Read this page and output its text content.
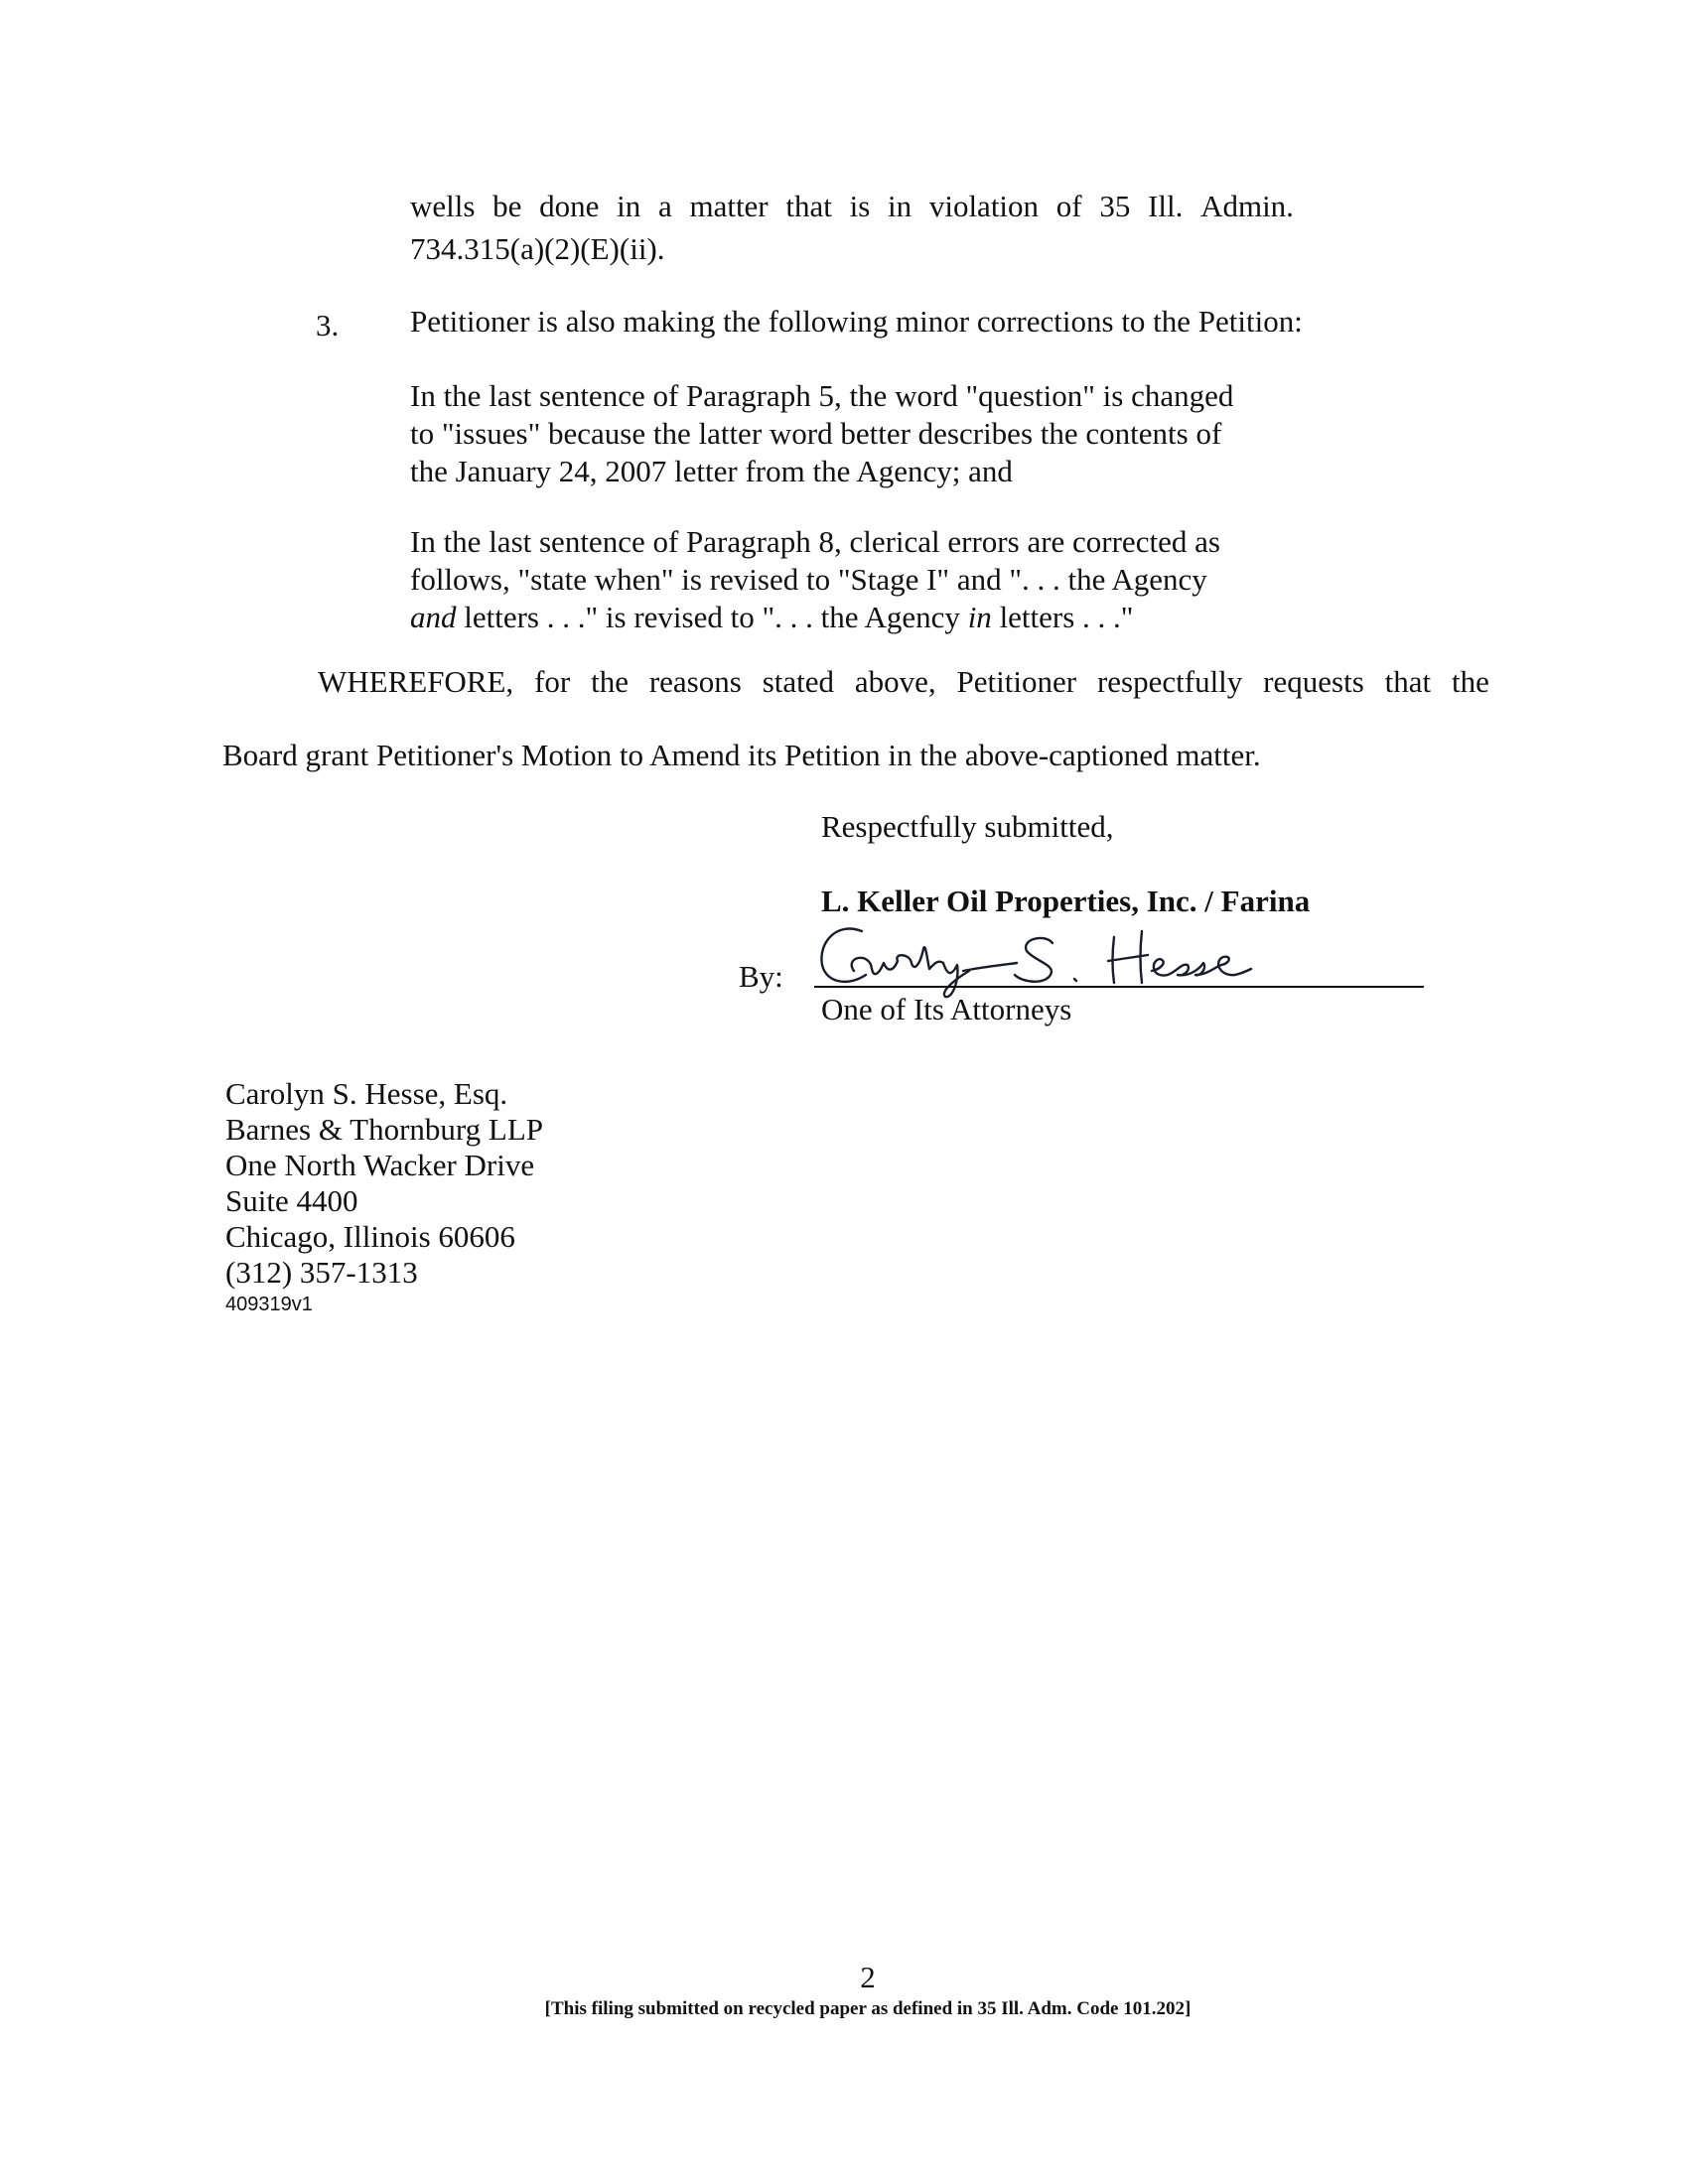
wells be done in a matter that is in violation of 35 Ill. Admin.
734.315(a)(2)(E)(ii).
3. Petitioner is also making the following minor corrections to the Petition:
In the last sentence of Paragraph 5, the word "question" is changed
to "issues" because the latter word better describes the contents of
the January 24, 2007 letter from the Agency; and
In the last sentence of Paragraph 8, clerical errors are corrected as
follows, "state when" is revised to "Stage I" and ". . . the Agency
and letters . . ." is revised to ". . . the Agency in letters . . ."
WHEREFORE, for the reasons stated above, Petitioner respectfully requests that the
Board grant Petitioner's Motion to Amend its Petition in the above-captioned matter.
Respectfully submitted,
L. Keller Oil Properties, Inc. / Farina
By:
One of Its Attorneys
Carolyn S. Hesse, Esq.
Barnes & Thornburg LLP
One North Wacker Drive
Suite 4400
Chicago, Illinois 60606
(312) 357-1313
409319v1
2
[This filing submitted on recycled paper as defined in 35 Ill. Adm. Code 101.202]
